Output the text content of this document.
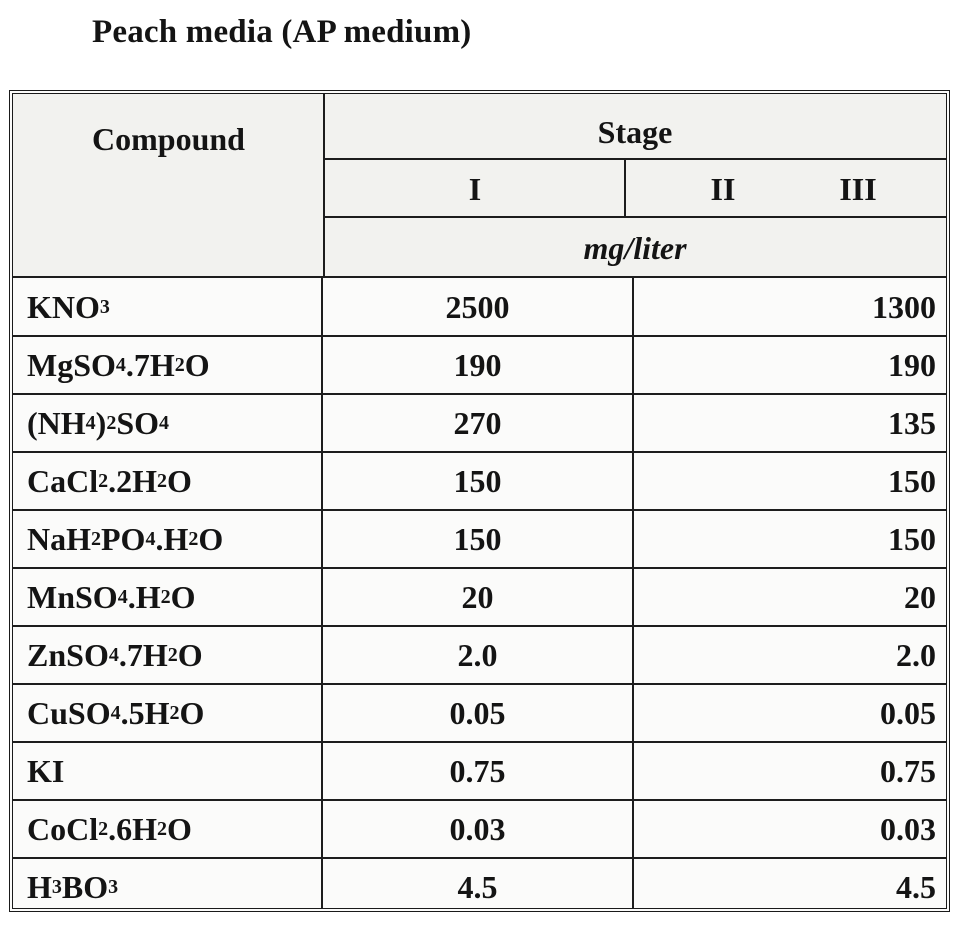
Peach media (AP medium)
Compound	Stage
I	II	III
mg/liter
KNO 3	2500	1300
MgSO 4 .7H 2 O	190	190
(NH 4 ) 2 SO 4	270	135
CaCl 2 .2H 2 O	150	150
NaH 2 PO 4 .H 2 O	150	150
MnSO 4 .H 2 O	20	20
ZnSO 4 .7H 2 O	2.0	2.0
CuSO 4 .5H 2 O	0.05	0.05
KI	0.75	0.75
CoCl 2 .6H 2 O	0.03	0.03
H 3 BO 3	4.5	4.5
